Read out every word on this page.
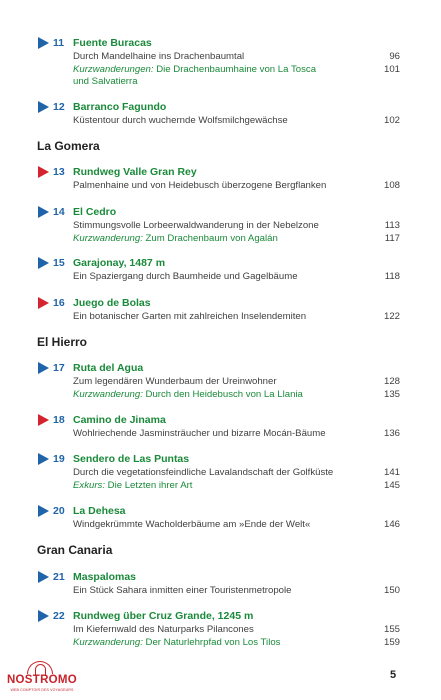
11 Fuente Buracas
Durch Mandelhaine ins Drachenbaumtal	96
Kurzwanderungen: Die Drachenbaumhaine von La Tosca	101
und Salvatierra
12 Barranco Fagundo
Küstentour durch wuchernde Wolfsmilchgewächse	102
La Gomera
13 Rundweg Valle Gran Rey
Palmenhaine und von Heidebusch überzogene Bergflanken	108
14 El Cedro
Stimmungsvolle Lorbeerwaldwanderung in der Nebelzone	113
Kurzwanderung: Zum Drachenbaum von Agalán	117
15 Garajonay, 1487 m
Ein Spaziergang durch Baumheide und Gagelbäume	118
16 Juego de Bolas
Ein botanischer Garten mit zahlreichen Inselendemiten	122
El Hierro
17 Ruta del Agua
Zum legendären Wunderbaum der Ureinwohner	128
Kurzwanderung: Durch den Heidebusch von La Llania	135
18 Camino de Jinama
Wohlriechende Jasminsträucher und bizarre Mocán-Bäume	136
19 Sendero de Las Puntas
Durch die vegetationsfeindliche Lavalandschaft der Golfküste	141
Exkurs: Die Letzten ihrer Art	145
20 La Dehesa
Windgekrümmte Wacholderbäume am »Ende der Welt«	146
Gran Canaria
21 Maspalomas
Ein Stück Sahara inmitten einer Touristenmetropole	150
22 Rundweg über Cruz Grande, 1245 m
Im Kiefernwald des Naturparks Pilancones	155
Kurzwanderung: Der Naturlehrpfad von Los Tilos	159
5
NOSTROMO
WEB COMPTOIR DES VOYAGEURS
